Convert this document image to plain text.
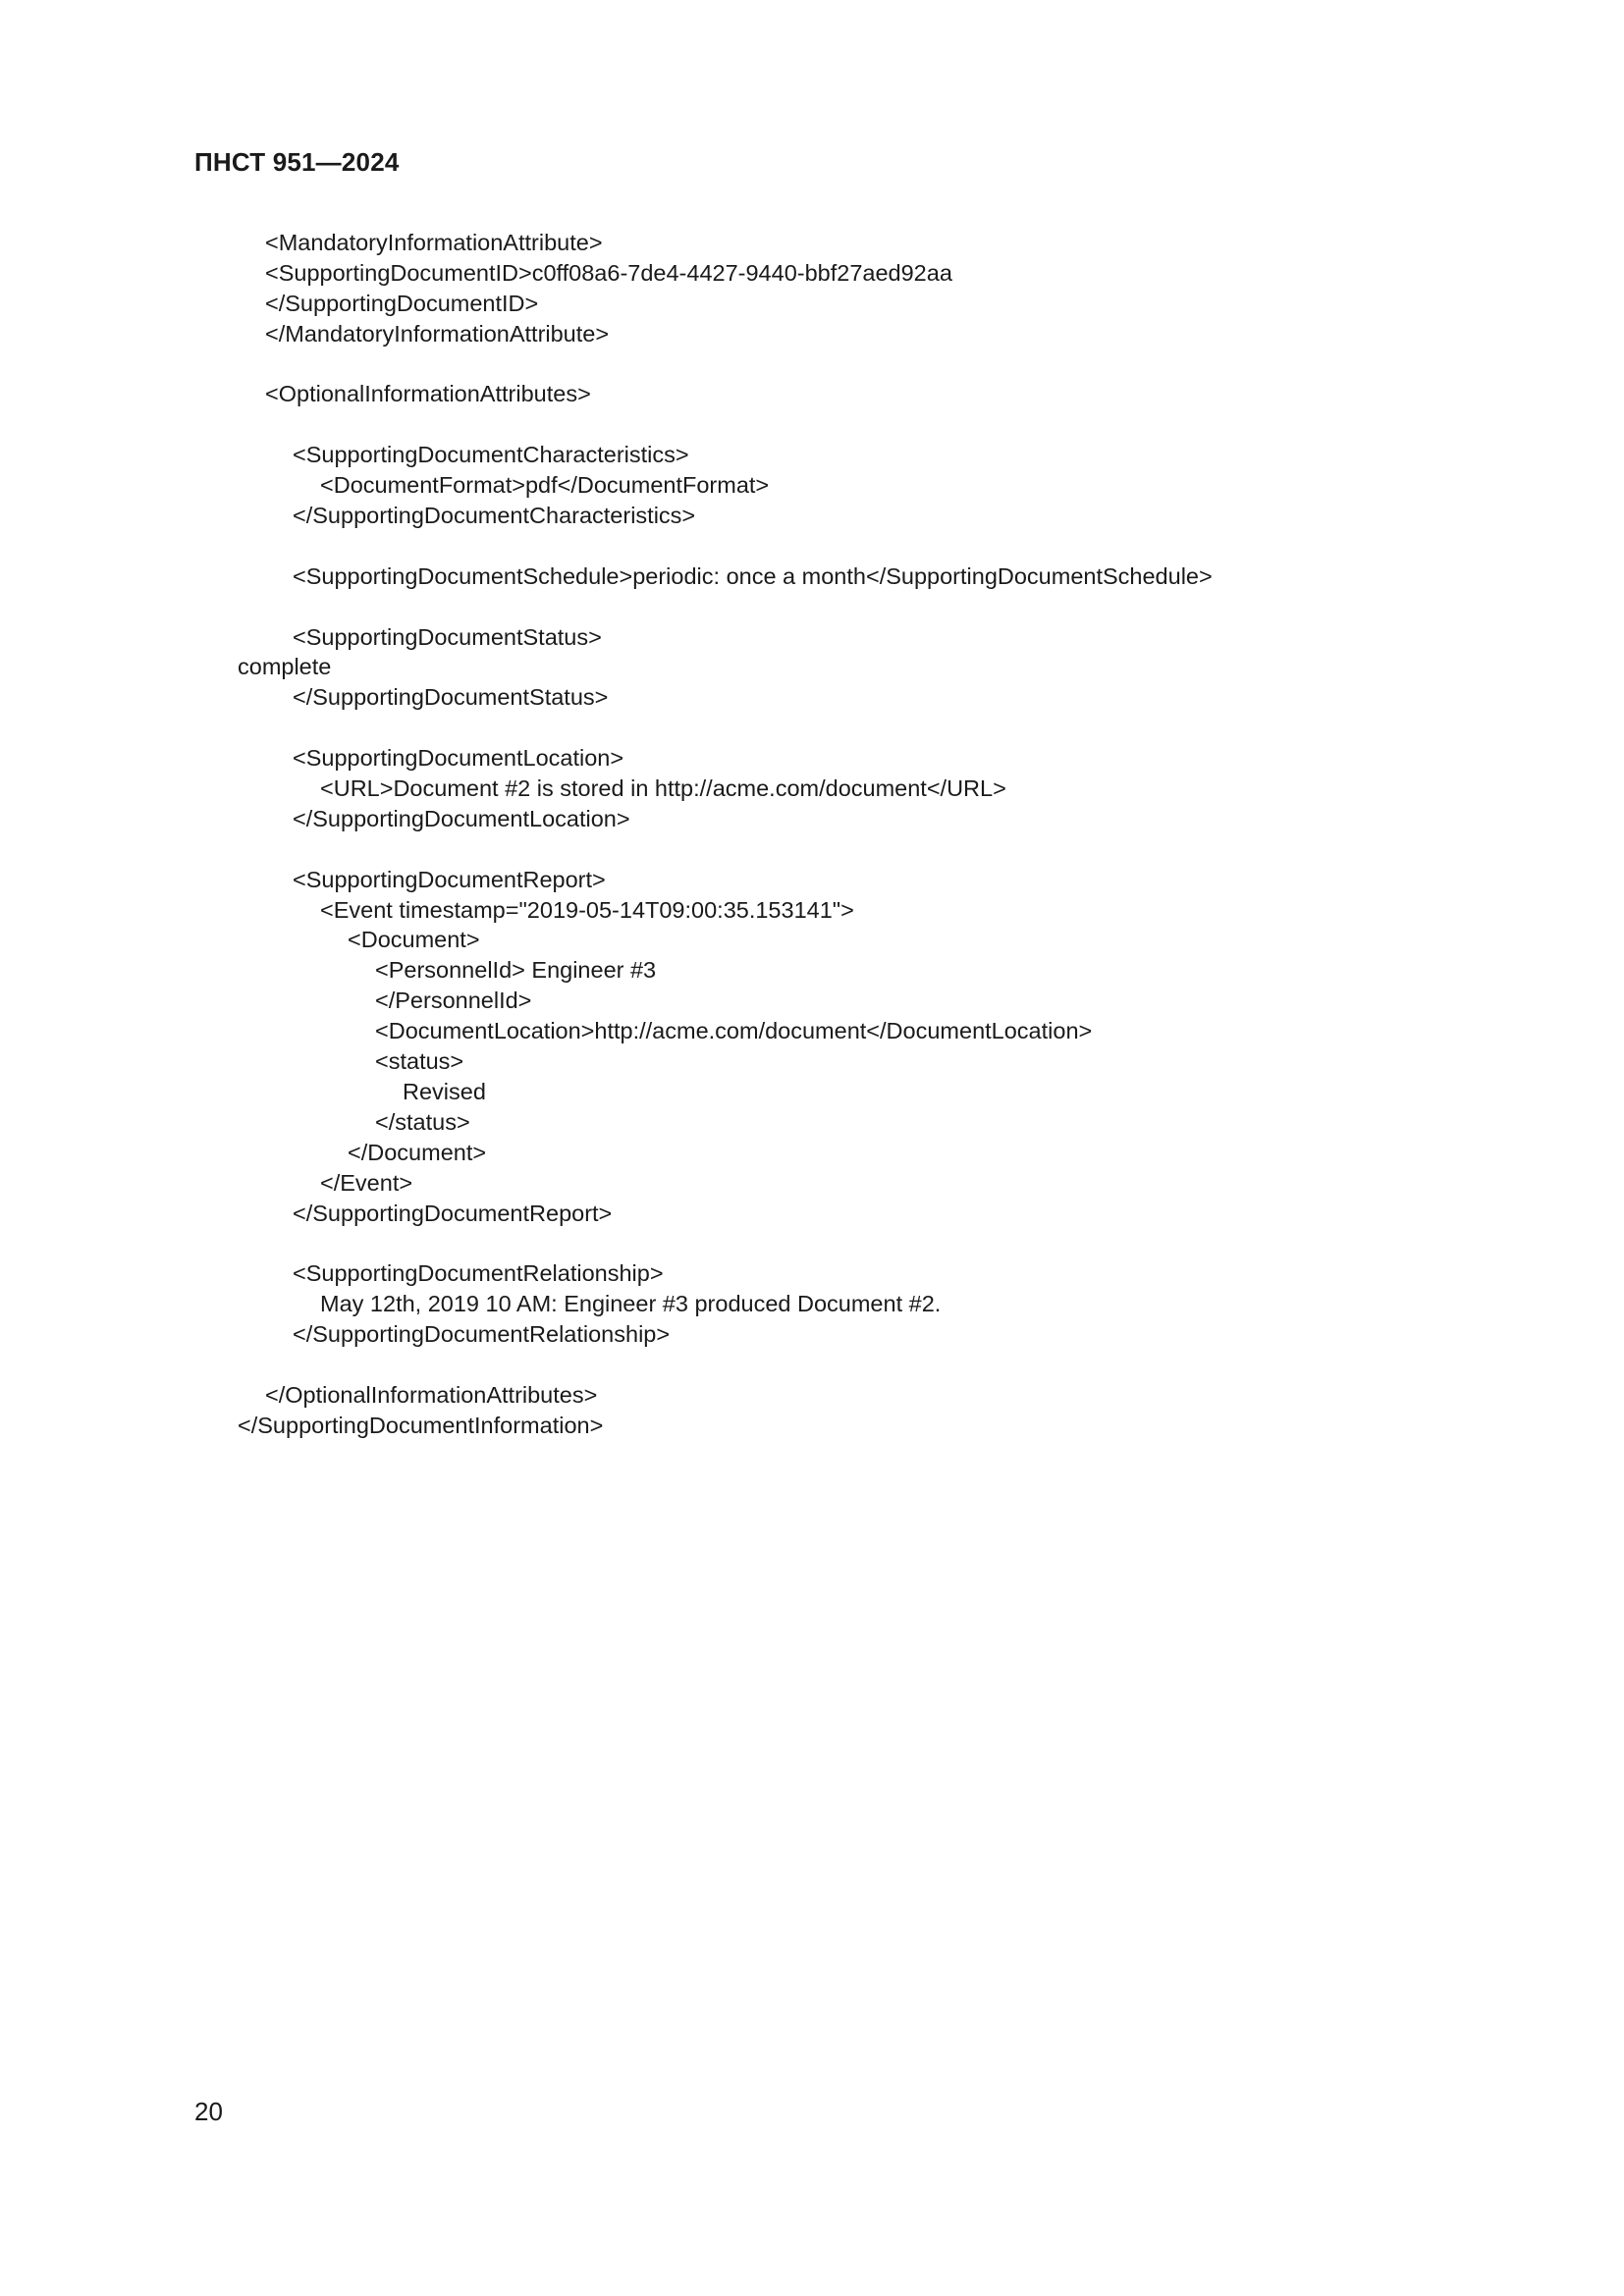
ПНСТ 951—2024
<MandatoryInformationAttribute>
<SupportingDocumentID>c0ff08a6-7de4-4427-9440-bbf27aed92aa
</SupportingDocumentID>
</MandatoryInformationAttribute>
<OptionalInformationAttributes>
<SupportingDocumentCharacteristics>
<DocumentFormat>pdf</DocumentFormat>
</SupportingDocumentCharacteristics>
<SupportingDocumentSchedule>periodic: once a month</SupportingDocumentSchedule>
<SupportingDocumentStatus>
complete
</SupportingDocumentStatus>
<SupportingDocumentLocation>
<URL>Document #2 is stored in http://acme.com/document</URL>
</SupportingDocumentLocation>
<SupportingDocumentReport>
<Event timestamp="2019-05-14T09:00:35.153141">
<Document>
<PersonnelId> Engineer #3
</PersonnelId>
<DocumentLocation>http://acme.com/document</DocumentLocation>
<status>
Revised
</status>
</Document>
</Event>
</SupportingDocumentReport>
<SupportingDocumentRelationship>
May 12th, 2019 10 AM: Engineer #3 produced Document #2.
</SupportingDocumentRelationship>
</OptionalInformationAttributes>
</SupportingDocumentInformation>
20
